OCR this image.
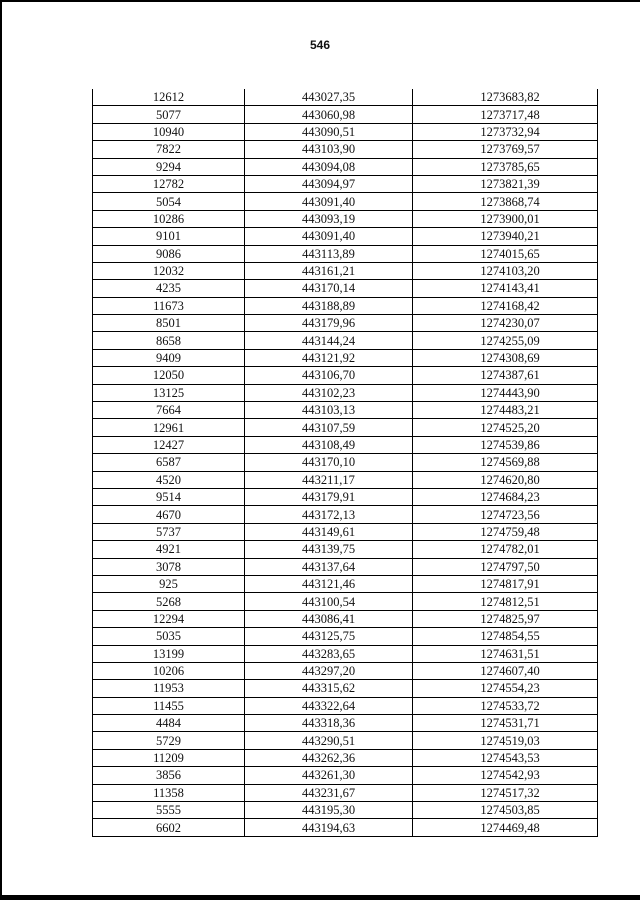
546
12612	443027,35	1273683,82
5077	443060,98	1273717,48
10940	443090,51	1273732,94
7822	443103,90	1273769,57
9294	443094,08	1273785,65
12782	443094,97	1273821,39
5054	443091,40	1273868,74
10286	443093,19	1273900,01
9101	443091,40	1273940,21
9086	443113,89	1274015,65
12032	443161,21	1274103,20
4235	443170,14	1274143,41
11673	443188,89	1274168,42
8501	443179,96	1274230,07
8658	443144,24	1274255,09
9409	443121,92	1274308,69
12050	443106,70	1274387,61
13125	443102,23	1274443,90
7664	443103,13	1274483,21
12961	443107,59	1274525,20
12427	443108,49	1274539,86
6587	443170,10	1274569,88
4520	443211,17	1274620,80
9514	443179,91	1274684,23
4670	443172,13	1274723,56
5737	443149,61	1274759,48
4921	443139,75	1274782,01
3078	443137,64	1274797,50
925	443121,46	1274817,91
5268	443100,54	1274812,51
12294	443086,41	1274825,97
5035	443125,75	1274854,55
13199	443283,65	1274631,51
10206	443297,20	1274607,40
11953	443315,62	1274554,23
11455	443322,64	1274533,72
4484	443318,36	1274531,71
5729	443290,51	1274519,03
11209	443262,36	1274543,53
3856	443261,30	1274542,93
11358	443231,67	1274517,32
5555	443195,30	1274503,85
6602	443194,63	1274469,48
